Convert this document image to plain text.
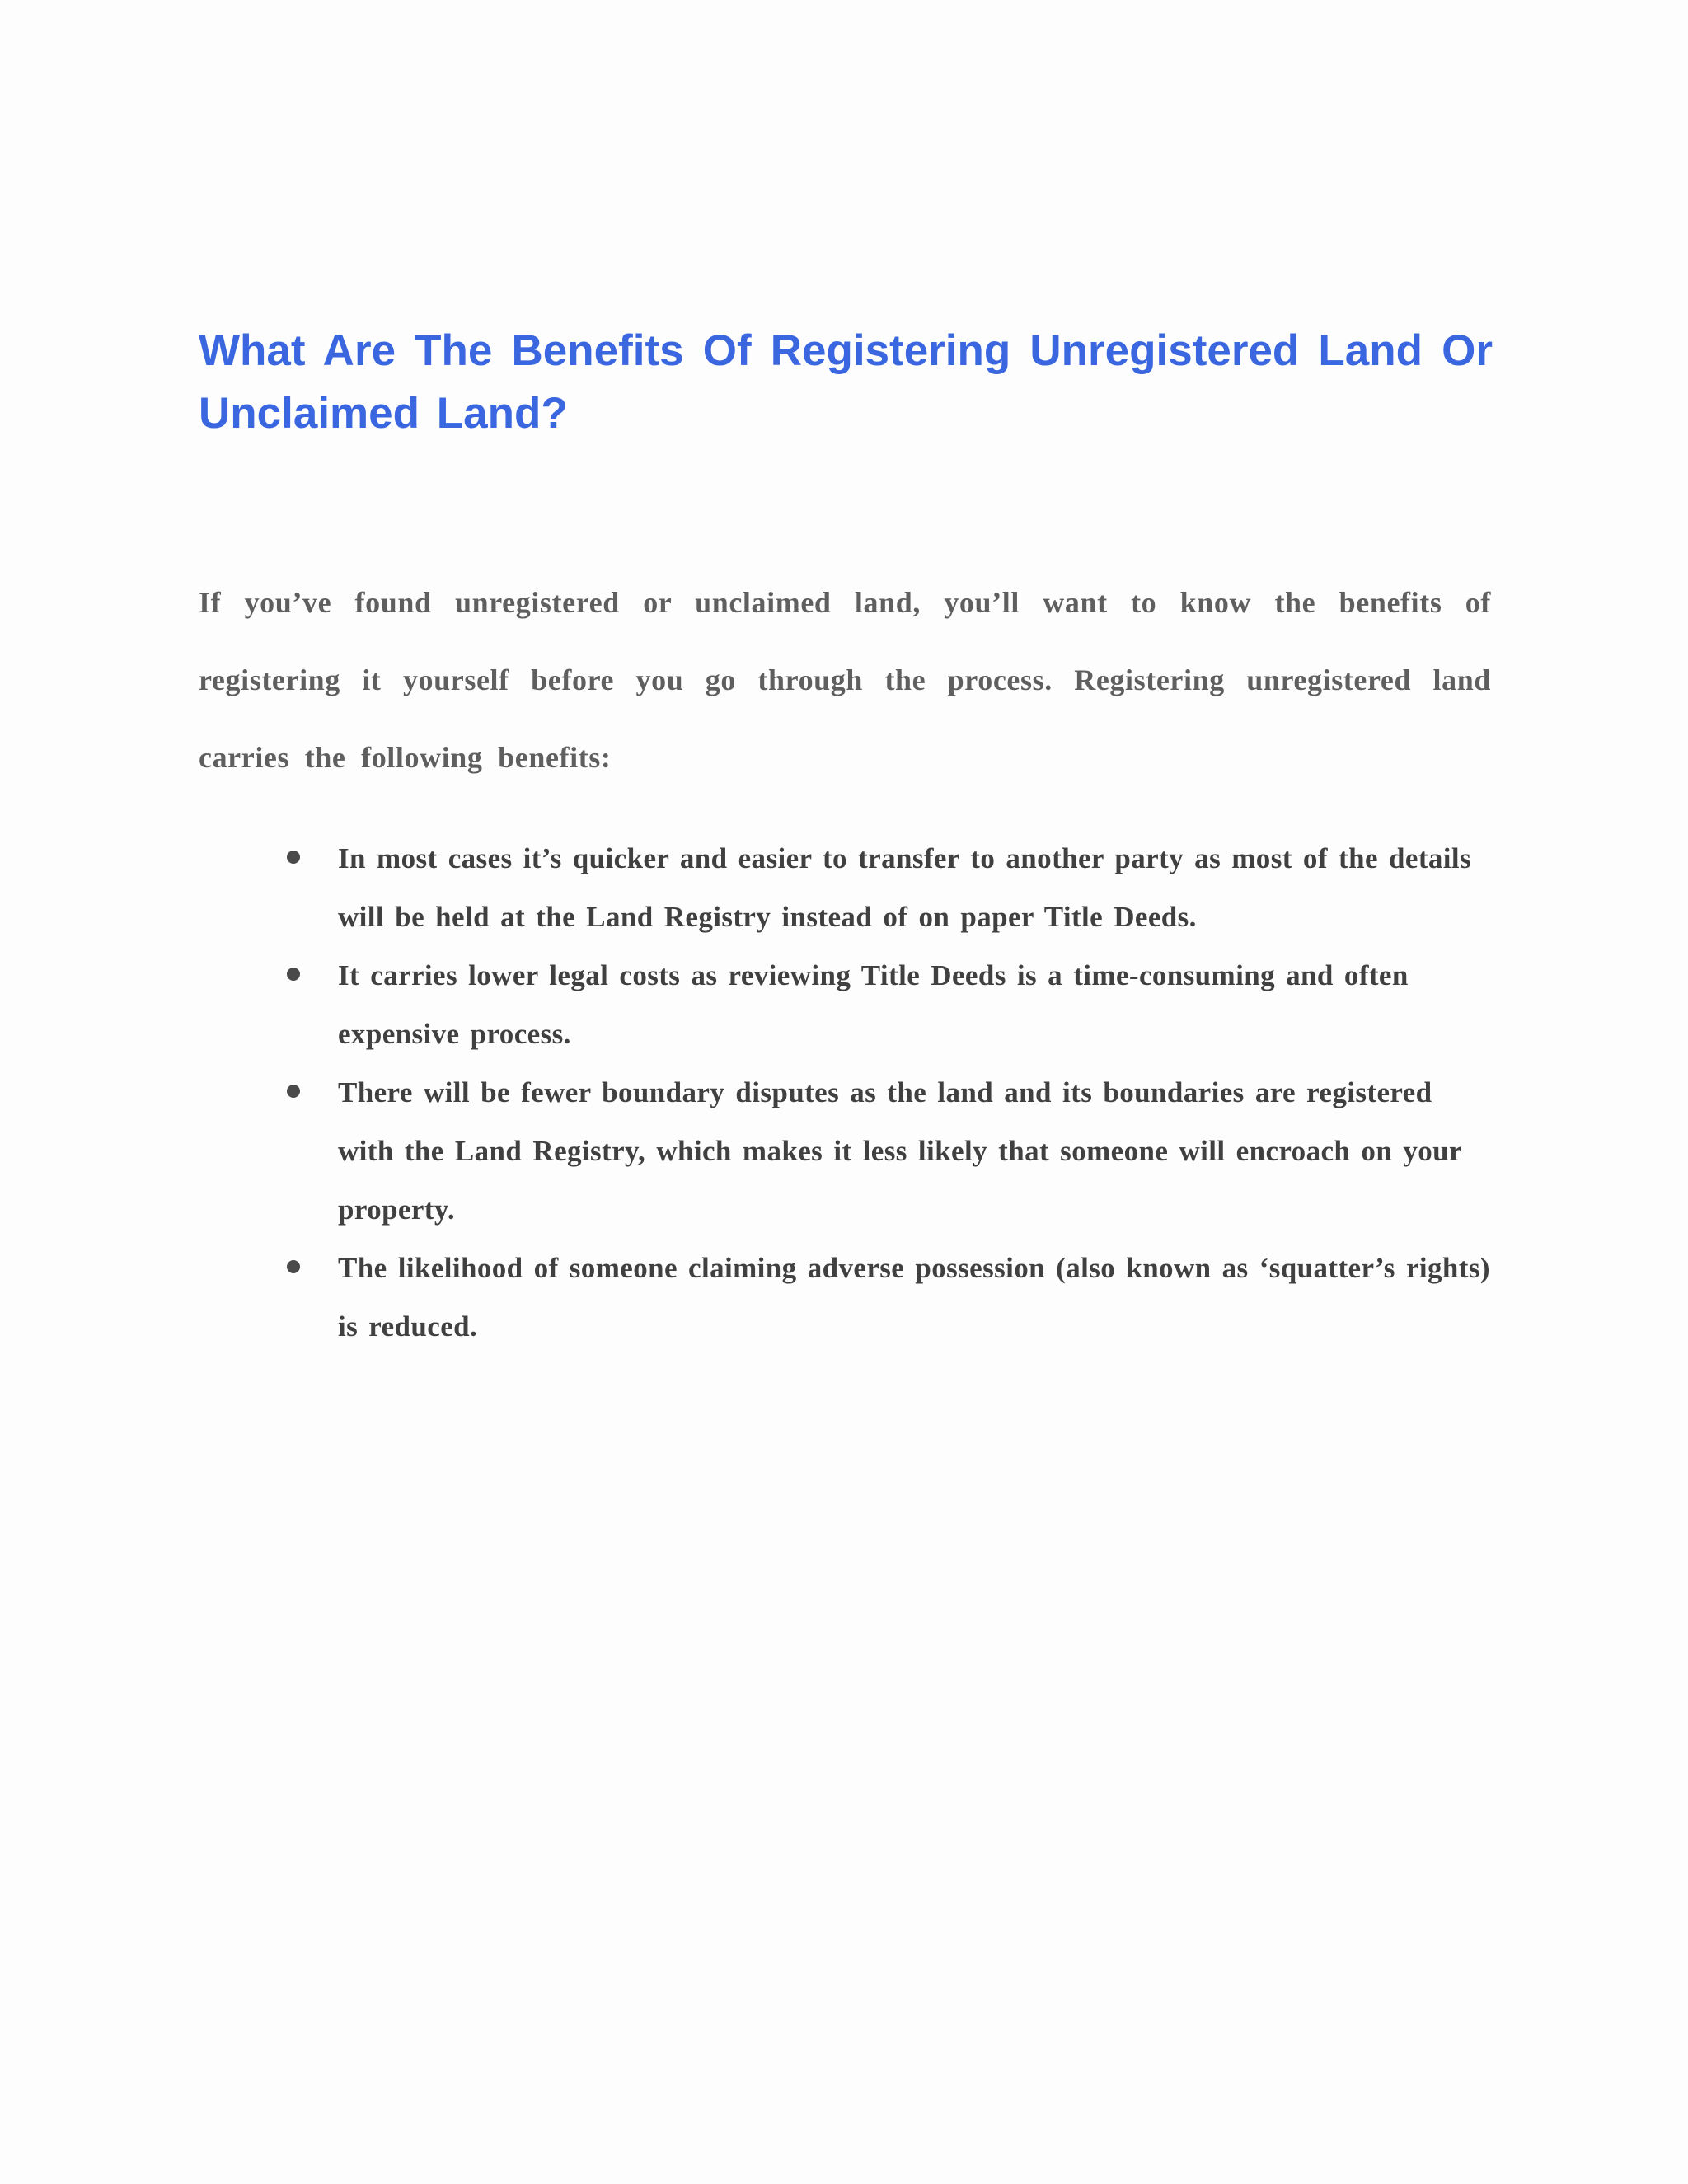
What Are The Benefits Of Registering Unregistered Land Or Unclaimed Land?

If you’ve found unregistered or unclaimed land, you’ll want to know the benefits of registering it yourself before you go through the process. Registering unregistered land carries the following benefits:

In most cases it’s quicker and easier to transfer to another party as most of the details will be held at the Land Registry instead of on paper Title Deeds.
It carries lower legal costs as reviewing Title Deeds is a time-consuming and often expensive process.
There will be fewer boundary disputes as the land and its boundaries are registered with the Land Registry, which makes it less likely that someone will encroach on your property.
The likelihood of someone claiming adverse possession (also known as ‘squatter’s rights) is reduced.
